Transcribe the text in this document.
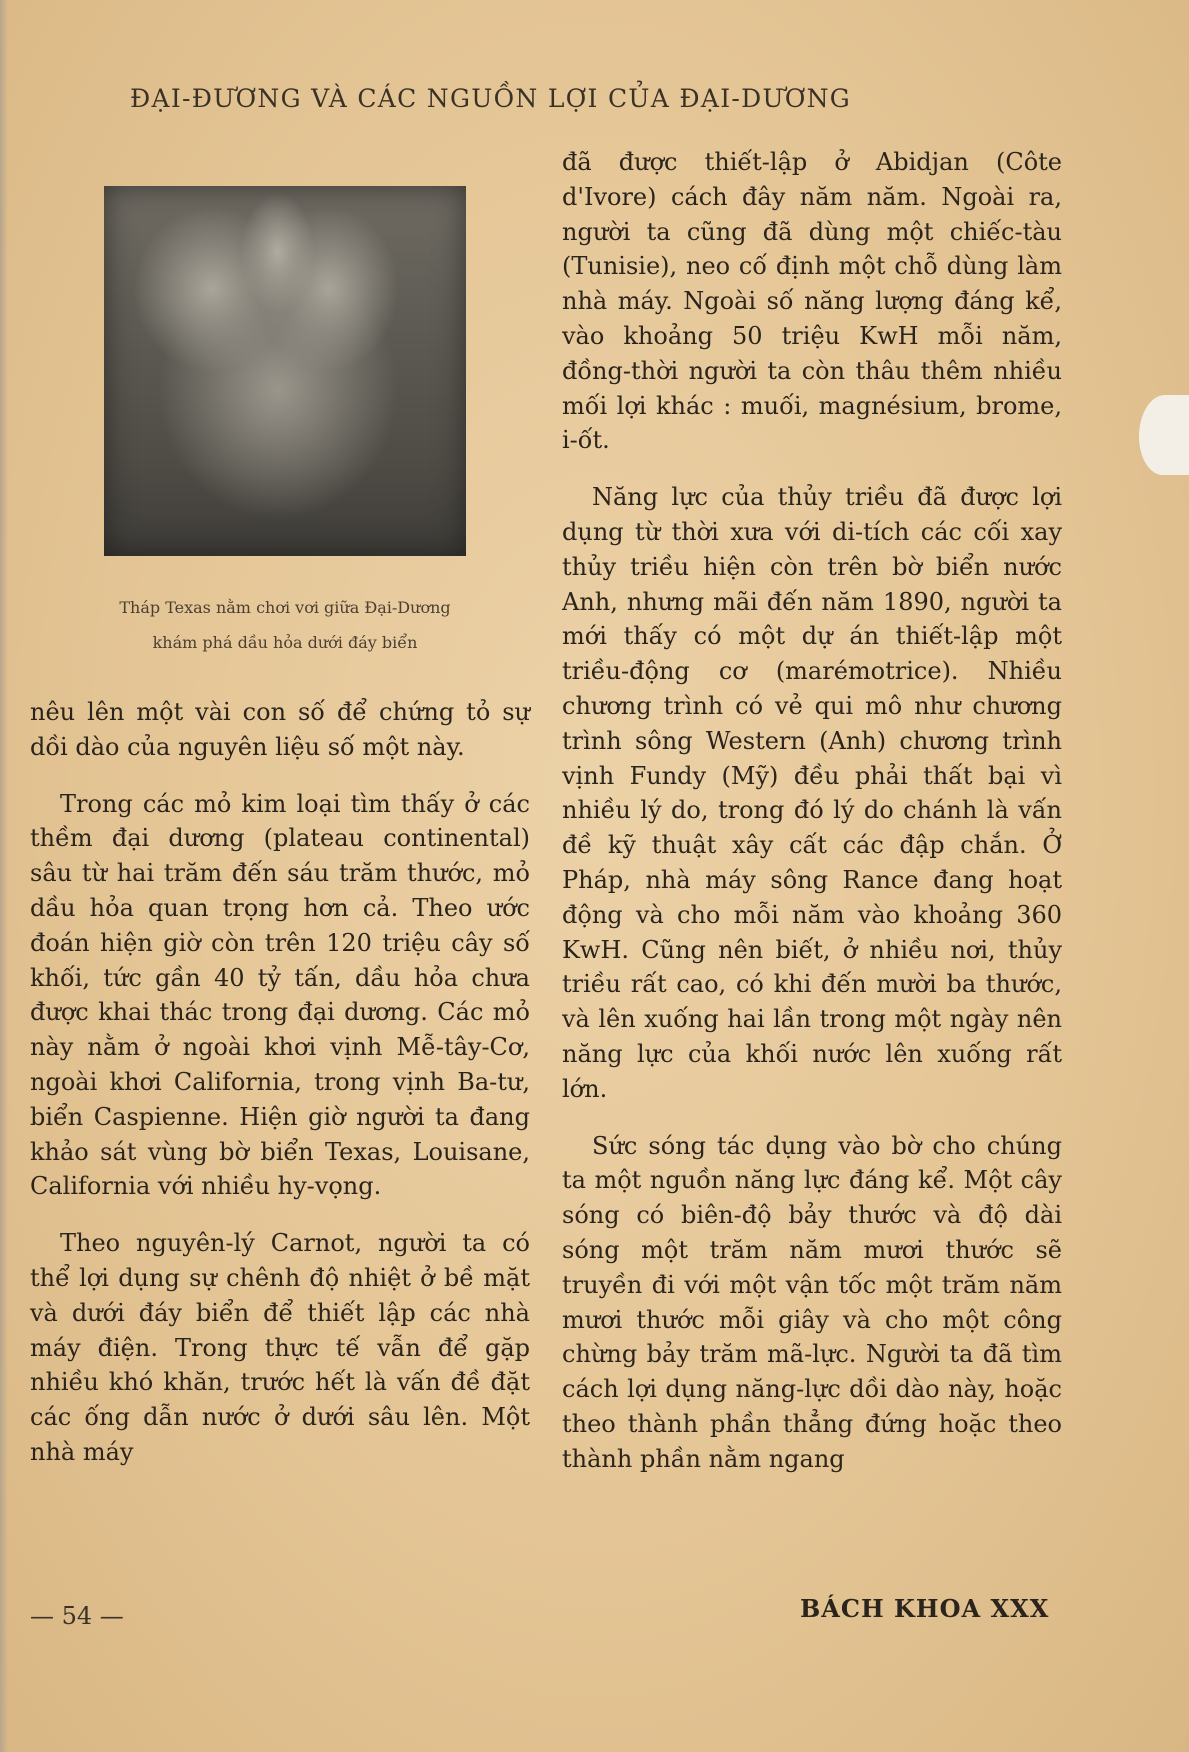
ĐẠI-ĐƯƠNG VÀ CÁC NGUỒN LỢI CỦA ĐẠI-DƯƠNG
Tháp Texas nằm chơi vơi giữa Đại-Dương
khám phá dầu hỏa dưới đáy biển

nêu lên một vài con số để chứng tỏ sự dồi dào của nguyên liệu số một này.

Trong các mỏ kim loại tìm thấy ở các thềm đại dương (plateau continental) sâu từ hai trăm đến sáu trăm thước, mỏ dầu hỏa quan trọng hơn cả. Theo ước đoán hiện giờ còn trên 120 triệu cây số khối, tức gần 40 tỷ tấn, dầu hỏa chưa được khai thác trong đại dương. Các mỏ này nằm ở ngoài khơi vịnh Mễ-tây-Cơ, ngoài khơi California, trong vịnh Ba-tư, biển Caspienne. Hiện giờ người ta đang khảo sát vùng bờ biển Texas, Louisane, California với nhiều hy-vọng.

Theo nguyên-lý Carnot, người ta có thể lợi dụng sự chênh độ nhiệt ở bề mặt và dưới đáy biển để thiết lập các nhà máy điện. Trong thực tế vẫn để gặp nhiều khó khăn, trước hết là vấn đề đặt các ống dẫn nước ở dưới sâu lên. Một nhà máy

đã được thiết-lập ở Abidjan (Côte d'Ivore) cách đây năm năm. Ngoài ra, người ta cũng đã dùng một chiếc-tàu (Tunisie), neo cố định một chỗ dùng làm nhà máy. Ngoài số năng lượng đáng kể, vào khoảng 50 triệu KwH mỗi năm, đồng-thời người ta còn thâu thêm nhiều mối lợi khác : muối, magnésium, brome, i-ốt.

Năng lực của thủy triều đã được lợi dụng từ thời xưa với di-tích các cối xay thủy triều hiện còn trên bờ biển nước Anh, nhưng mãi đến năm 1890, người ta mới thấy có một dự án thiết-lập một triều-động cơ (marémotrice). Nhiều chương trình có vẻ qui mô như chương trình sông Western (Anh) chương trình vịnh Fundy (Mỹ) đều phải thất bại vì nhiều lý do, trong đó lý do chánh là vấn đề kỹ thuật xây cất các đập chắn. Ở Pháp, nhà máy sông Rance đang hoạt động và cho mỗi năm vào khoảng 360 KwH. Cũng nên biết, ở nhiều nơi, thủy triều rất cao, có khi đến mười ba thước, và lên xuống hai lần trong một ngày nên năng lực của khối nước lên xuống rất lớn.

Sức sóng tác dụng vào bờ cho chúng ta một nguồn năng lực đáng kể. Một cây sóng có biên-độ bảy thước và độ dài sóng một trăm năm mươi thước sẽ truyền đi với một vận tốc một trăm năm mươi thước mỗi giây và cho một công chừng bảy trăm mã-lực. Người ta đã tìm cách lợi dụng năng-lực dồi dào này, hoặc theo thành phần thẳng đứng hoặc theo thành phần nằm ngang

— 54 —	BÁCH KHOA XXX
